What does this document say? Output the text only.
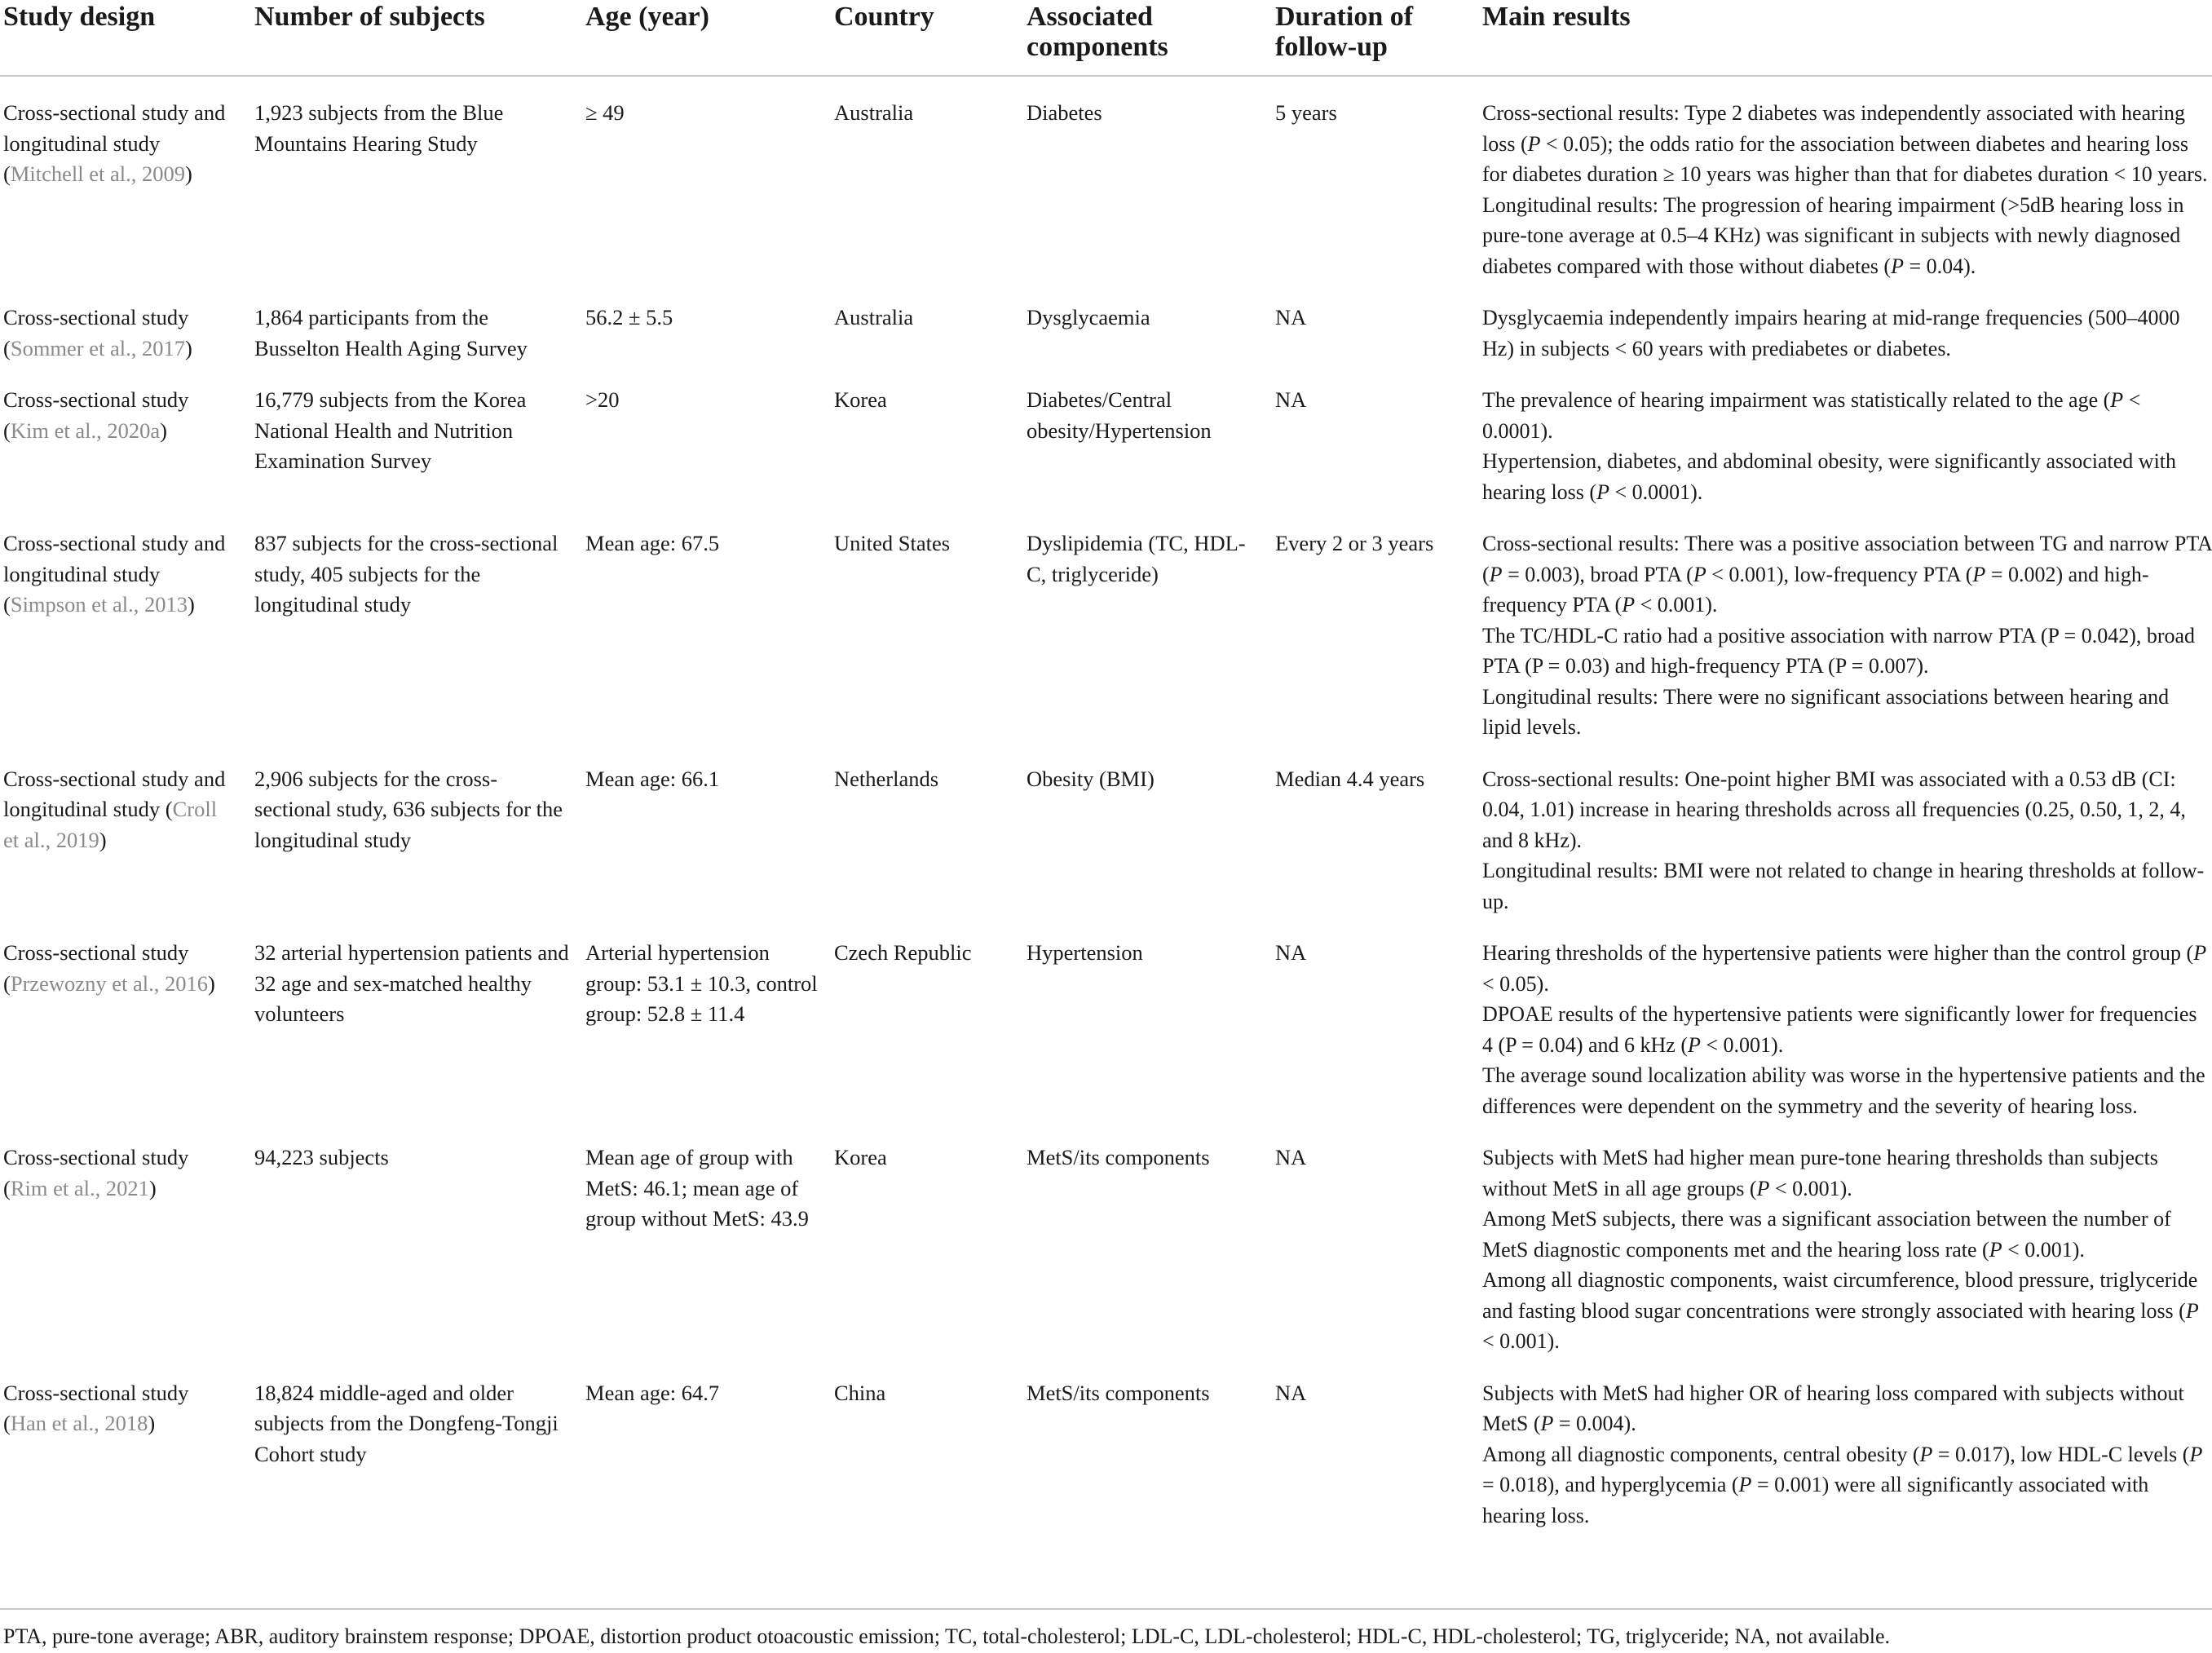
Study design	Number of subjects	Age (year)	Country	Associated components	Duration of follow-up	Main results
Cross-sectional study and longitudinal study (Mitchell et al., 2009)	1,923 subjects from the Blue Mountains Hearing Study	≥ 49	Australia	Diabetes	5 years	Cross-sectional results: Type 2 diabetes was independently associated with hearing loss (P < 0.05); the odds ratio for the association between diabetes and hearing loss for diabetes duration ≥ 10 years was higher than that for diabetes duration < 10 years.
Longitudinal results: The progression of hearing impairment (>5dB hearing loss in pure-tone average at 0.5–4 KHz) was significant in subjects with newly diagnosed diabetes compared with those without diabetes (P = 0.04).

Cross-sectional study (Sommer et al., 2017)	1,864 participants from the Busselton Health Aging Survey	56.2 ± 5.5	Australia	Dysglycaemia	NA	Dysglycaemia independently impairs hearing at mid-range frequencies (500–4000 Hz) in subjects < 60 years with prediabetes or diabetes.

Cross-sectional study (Kim et al., 2020a)	16,779 subjects from the Korea National Health and Nutrition Examination Survey	>20	Korea	Diabetes/Central obesity/Hypertension	NA	The prevalence of hearing impairment was statistically related to the age (P < 0.0001).
Hypertension, diabetes, and abdominal obesity, were significantly associated with hearing loss (P < 0.0001).

Cross-sectional study and longitudinal study (Simpson et al., 2013)	837 subjects for the cross-sectional study, 405 subjects for the longitudinal study	Mean age: 67.5	United States	Dyslipidemia (TC, HDL-C, triglyceride)	Every 2 or 3 years	Cross-sectional results: There was a positive association between TG and narrow PTA (P = 0.003), broad PTA (P < 0.001), low-frequency PTA (P = 0.002) and high-frequency PTA (P < 0.001).
The TC/HDL-C ratio had a positive association with narrow PTA (P = 0.042), broad PTA (P = 0.03) and high-frequency PTA (P = 0.007).
Longitudinal results: There were no significant associations between hearing and lipid levels.

Cross-sectional study and longitudinal study (Croll et al., 2019)	2,906 subjects for the cross-sectional study, 636 subjects for the longitudinal study	Mean age: 66.1	Netherlands	Obesity (BMI)	Median 4.4 years	Cross-sectional results: One-point higher BMI was associated with a 0.53 dB (CI: 0.04, 1.01) increase in hearing thresholds across all frequencies (0.25, 0.50, 1, 2, 4, and 8 kHz).
Longitudinal results: BMI were not related to change in hearing thresholds at follow-up.

Cross-sectional study (Przewozny et al., 2016)	32 arterial hypertension patients and 32 age and sex-matched healthy volunteers	Arterial hypertension group: 53.1 ± 10.3, control group: 52.8 ± 11.4	Czech Republic	Hypertension	NA	Hearing thresholds of the hypertensive patients were higher than the control group (P < 0.05).
DPOAE results of the hypertensive patients were significantly lower for frequencies 4 (P = 0.04) and 6 kHz (P < 0.001).
The average sound localization ability was worse in the hypertensive patients and the differences were dependent on the symmetry and the severity of hearing loss.

Cross-sectional study (Rim et al., 2021)	94,223 subjects	Mean age of group with MetS: 46.1; mean age of group without MetS: 43.9	Korea	MetS/its components	NA	Subjects with MetS had higher mean pure-tone hearing thresholds than subjects without MetS in all age groups (P < 0.001).
Among MetS subjects, there was a significant association between the number of MetS diagnostic components met and the hearing loss rate (P < 0.001).
Among all diagnostic components, waist circumference, blood pressure, triglyceride and fasting blood sugar concentrations were strongly associated with hearing loss (P < 0.001).

Cross-sectional study (Han et al., 2018)	18,824 middle-aged and older subjects from the Dongfeng-Tongji Cohort study	Mean age: 64.7	China	MetS/its components	NA	Subjects with MetS had higher OR of hearing loss compared with subjects without MetS (P = 0.004).
Among all diagnostic components, central obesity (P = 0.017), low HDL-C levels (P = 0.018), and hyperglycemia (P = 0.001) were all significantly associated with hearing loss.
PTA, pure-tone average; ABR, auditory brainstem response; DPOAE, distortion product otoacoustic emission; TC, total-cholesterol; LDL-C, LDL-cholesterol; HDL-C, HDL-cholesterol; TG, triglyceride; NA, not available.
